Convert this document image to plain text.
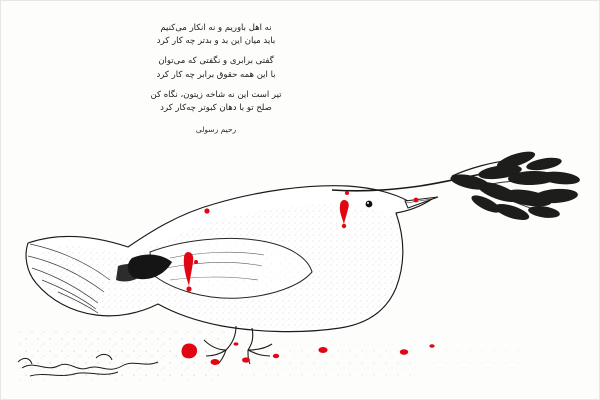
نه اهل باوریم و نه انکار می‌کنیم
باید میان این بد و بدتر چه کار کرد
گفتی برابری و نگفتی که می‌توان
با این همه حقوق برابر چه کار کرد
تیر است این نه شاخه زیتون، نگاه کن
صلح تو با دهان کبوتر چه‌کار کرد
رحیم رسولی
